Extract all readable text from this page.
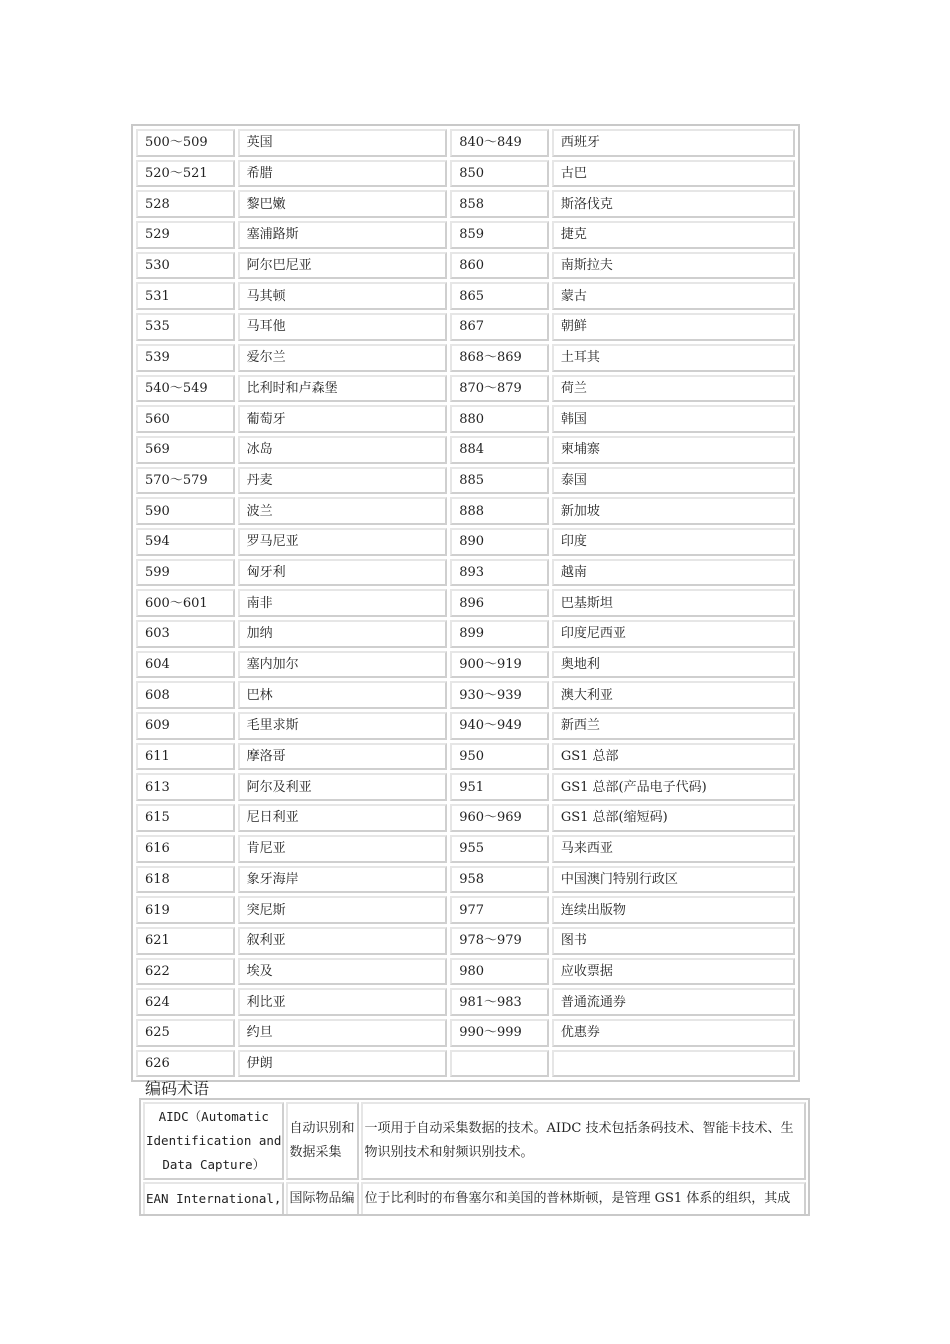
500～509	英国	840～849	西班牙
520～521	希腊	850	古巴
528	黎巴嫩	858	斯洛伐克
529	塞浦路斯	859	捷克
530	阿尔巴尼亚	860	南斯拉夫
531	马其顿	865	蒙古
535	马耳他	867	朝鲜
539	爱尔兰	868～869	土耳其
540～549	比利时和卢森堡	870～879	荷兰
560	葡萄牙	880	韩国
569	冰岛	884	柬埔寨
570～579	丹麦	885	泰国
590	波兰	888	新加坡
594	罗马尼亚	890	印度
599	匈牙利	893	越南
600～601	南非	896	巴基斯坦
603	加纳	899	印度尼西亚
604	塞内加尔	900～919	奥地利
608	巴林	930～939	澳大利亚
609	毛里求斯	940～949	新西兰
611	摩洛哥	950	GS1 总部
613	阿尔及利亚	951	GS1 总部(产品电子代码)
615	尼日利亚	960～969	GS1 总部(缩短码)
616	肯尼亚	955	马来西亚
618	象牙海岸	958	中国澳门特别行政区
619	突尼斯	977	连续出版物
621	叙利亚	978～979	图书
622	埃及	980	应收票据
624	利比亚	981～983	普通流通券
625	约旦	990～999	优惠券
626	伊朗		
编码术语
AIDC（Automatic Identification and Data Capture）	自动识别和数据采集	一项用于自动采集数据的技术。AIDC 技术包括条码技术、智能卡技术、生物识别技术和射频识别技术。
EAN International,	国际物品编	位于比利时的布鲁塞尔和美国的普林斯顿，是管理 GS1 体系的组织，其成
